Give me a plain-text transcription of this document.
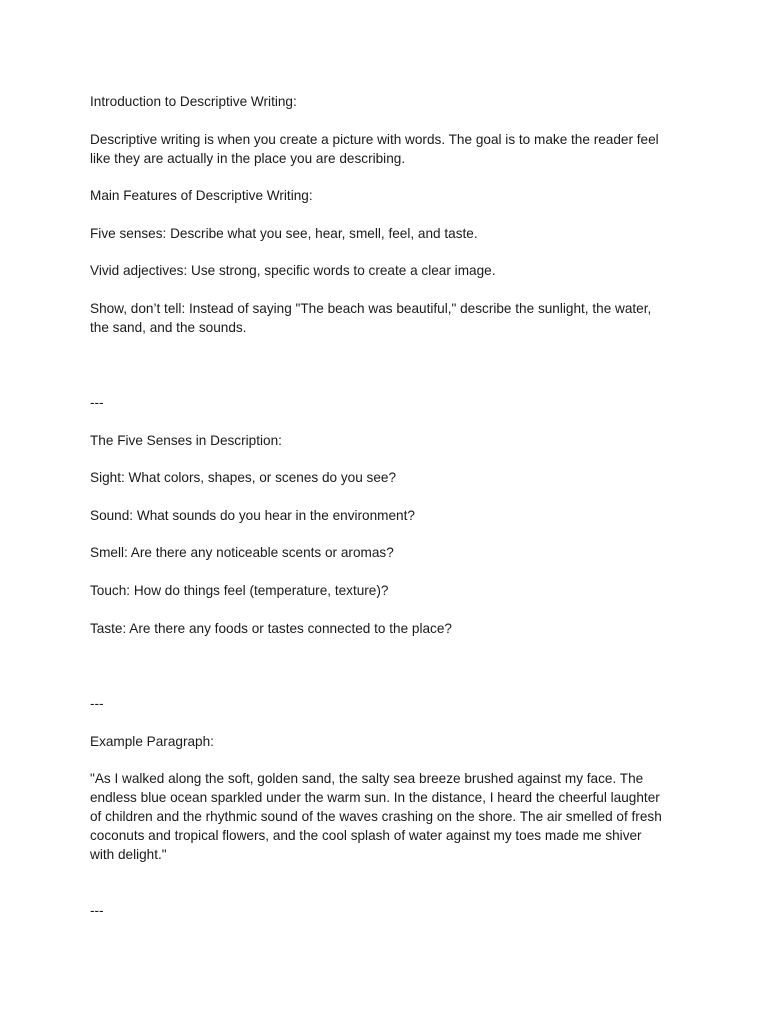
Introduction to Descriptive Writing:

Descriptive writing is when you create a picture with words. The goal is to make the reader feel

like they are actually in the place you are describing.

Main Features of Descriptive Writing:

Five senses: Describe what you see, hear, smell, feel, and taste.

Vivid adjectives: Use strong, specific words to create a clear image.

Show, don’t tell: Instead of saying "The beach was beautiful," describe the sunlight, the water,

the sand, and the sounds.

---

The Five Senses in Description:

Sight: What colors, shapes, or scenes do you see?

Sound: What sounds do you hear in the environment?

Smell: Are there any noticeable scents or aromas?

Touch: How do things feel (temperature, texture)?

Taste: Are there any foods or tastes connected to the place?

---

Example Paragraph:

"As I walked along the soft, golden sand, the salty sea breeze brushed against my face. The

endless blue ocean sparkled under the warm sun. In the distance, I heard the cheerful laughter

of children and the rhythmic sound of the waves crashing on the shore. The air smelled of fresh

coconuts and tropical flowers, and the cool splash of water against my toes made me shiver

with delight."

---
